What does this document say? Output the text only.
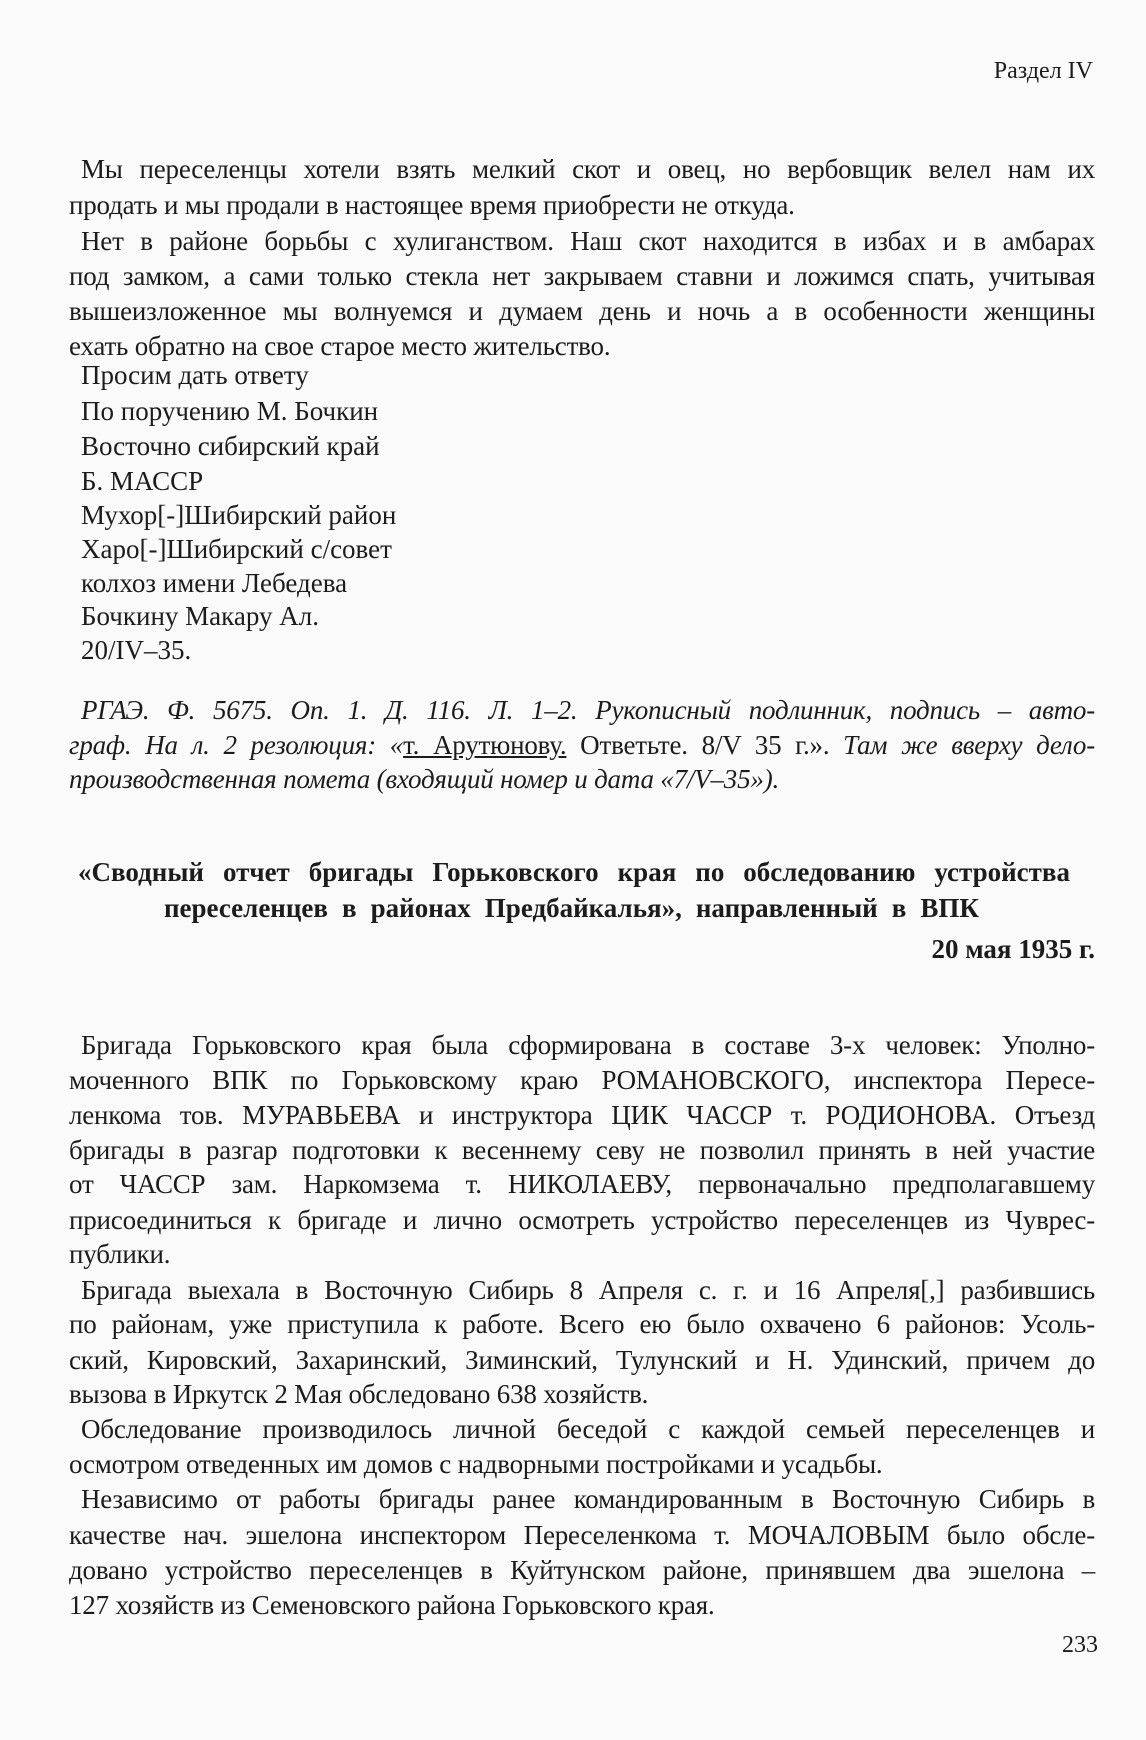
Раздел IV
Мы переселенцы хотели взять мелкий скот и овец, но вербовщик велел нам их
продать и мы продали в настоящее время приобрести не откуда.
Нет в районе борьбы с хулиганством. Наш скот находится в избах и в амбарах
под замком, а сами только стекла нет закрываем ставни и ложимся спать, учитывая
вышеизложенное мы волнуемся и думаем день и ночь а в особенности женщины
ехать обратно на свое старое место жительство.
Просим дать ответу
По поручению М. Бочкин
Восточно сибирский край
Б. МАССР
Мухор[-]Шибирский район
Харо[-]Шибирский с/совет
колхоз имени Лебедева
Бочкину Макару Ал.
20/IV–35.
РГАЭ. Ф. 5675. Оп. 1. Д. 116. Л. 1–2. Рукописный подлинник, подпись – авто-
граф. На л. 2 резолюция: «т. Арутюнову. Ответьте. 8/V 35 г.». Там же вверху дело-
производственная помета (входящий номер и дата «7/V–35»).
«Сводный отчет бригады Горьковского края по обследованию устройства
переселенцев в районах Предбайкалья», направленный в ВПК
20 мая 1935 г.
Бригада Горьковского края была сформирована в составе 3-х человек: Уполно-
моченного ВПК по Горьковскому краю РОМАНОВСКОГО, инспектора Пересе-
ленкома тов. МУРАВЬЕВА и инструктора ЦИК ЧАССР т. РОДИОНОВА. Отъезд
бригады в разгар подготовки к весеннему севу не позволил принять в ней участие
от ЧАССР зам. Наркомзема т. НИКОЛАЕВУ, первоначально предполагавшему
присоединиться к бригаде и лично осмотреть устройство переселенцев из Чуврес-
публики.
Бригада выехала в Восточную Сибирь 8 Апреля с. г. и 16 Апреля[,] разбившись
по районам, уже приступила к работе. Всего ею было охвачено 6 районов: Усоль-
ский, Кировский, Захаринский, Зиминский, Тулунский и Н. Удинский, причем до
вызова в Иркутск 2 Мая обследовано 638 хозяйств.
Обследование производилось личной беседой с каждой семьей переселенцев и
осмотром отведенных им домов с надворными постройками и усадьбы.
Независимо от работы бригады ранее командированным в Восточную Сибирь в
качестве нач. эшелона инспектором Переселенкома т. МОЧАЛОВЫМ было обсле-
довано устройство переселенцев в Куйтунском районе, принявшем два эшелона –
127 хозяйств из Семеновского района Горьковского края.
233
